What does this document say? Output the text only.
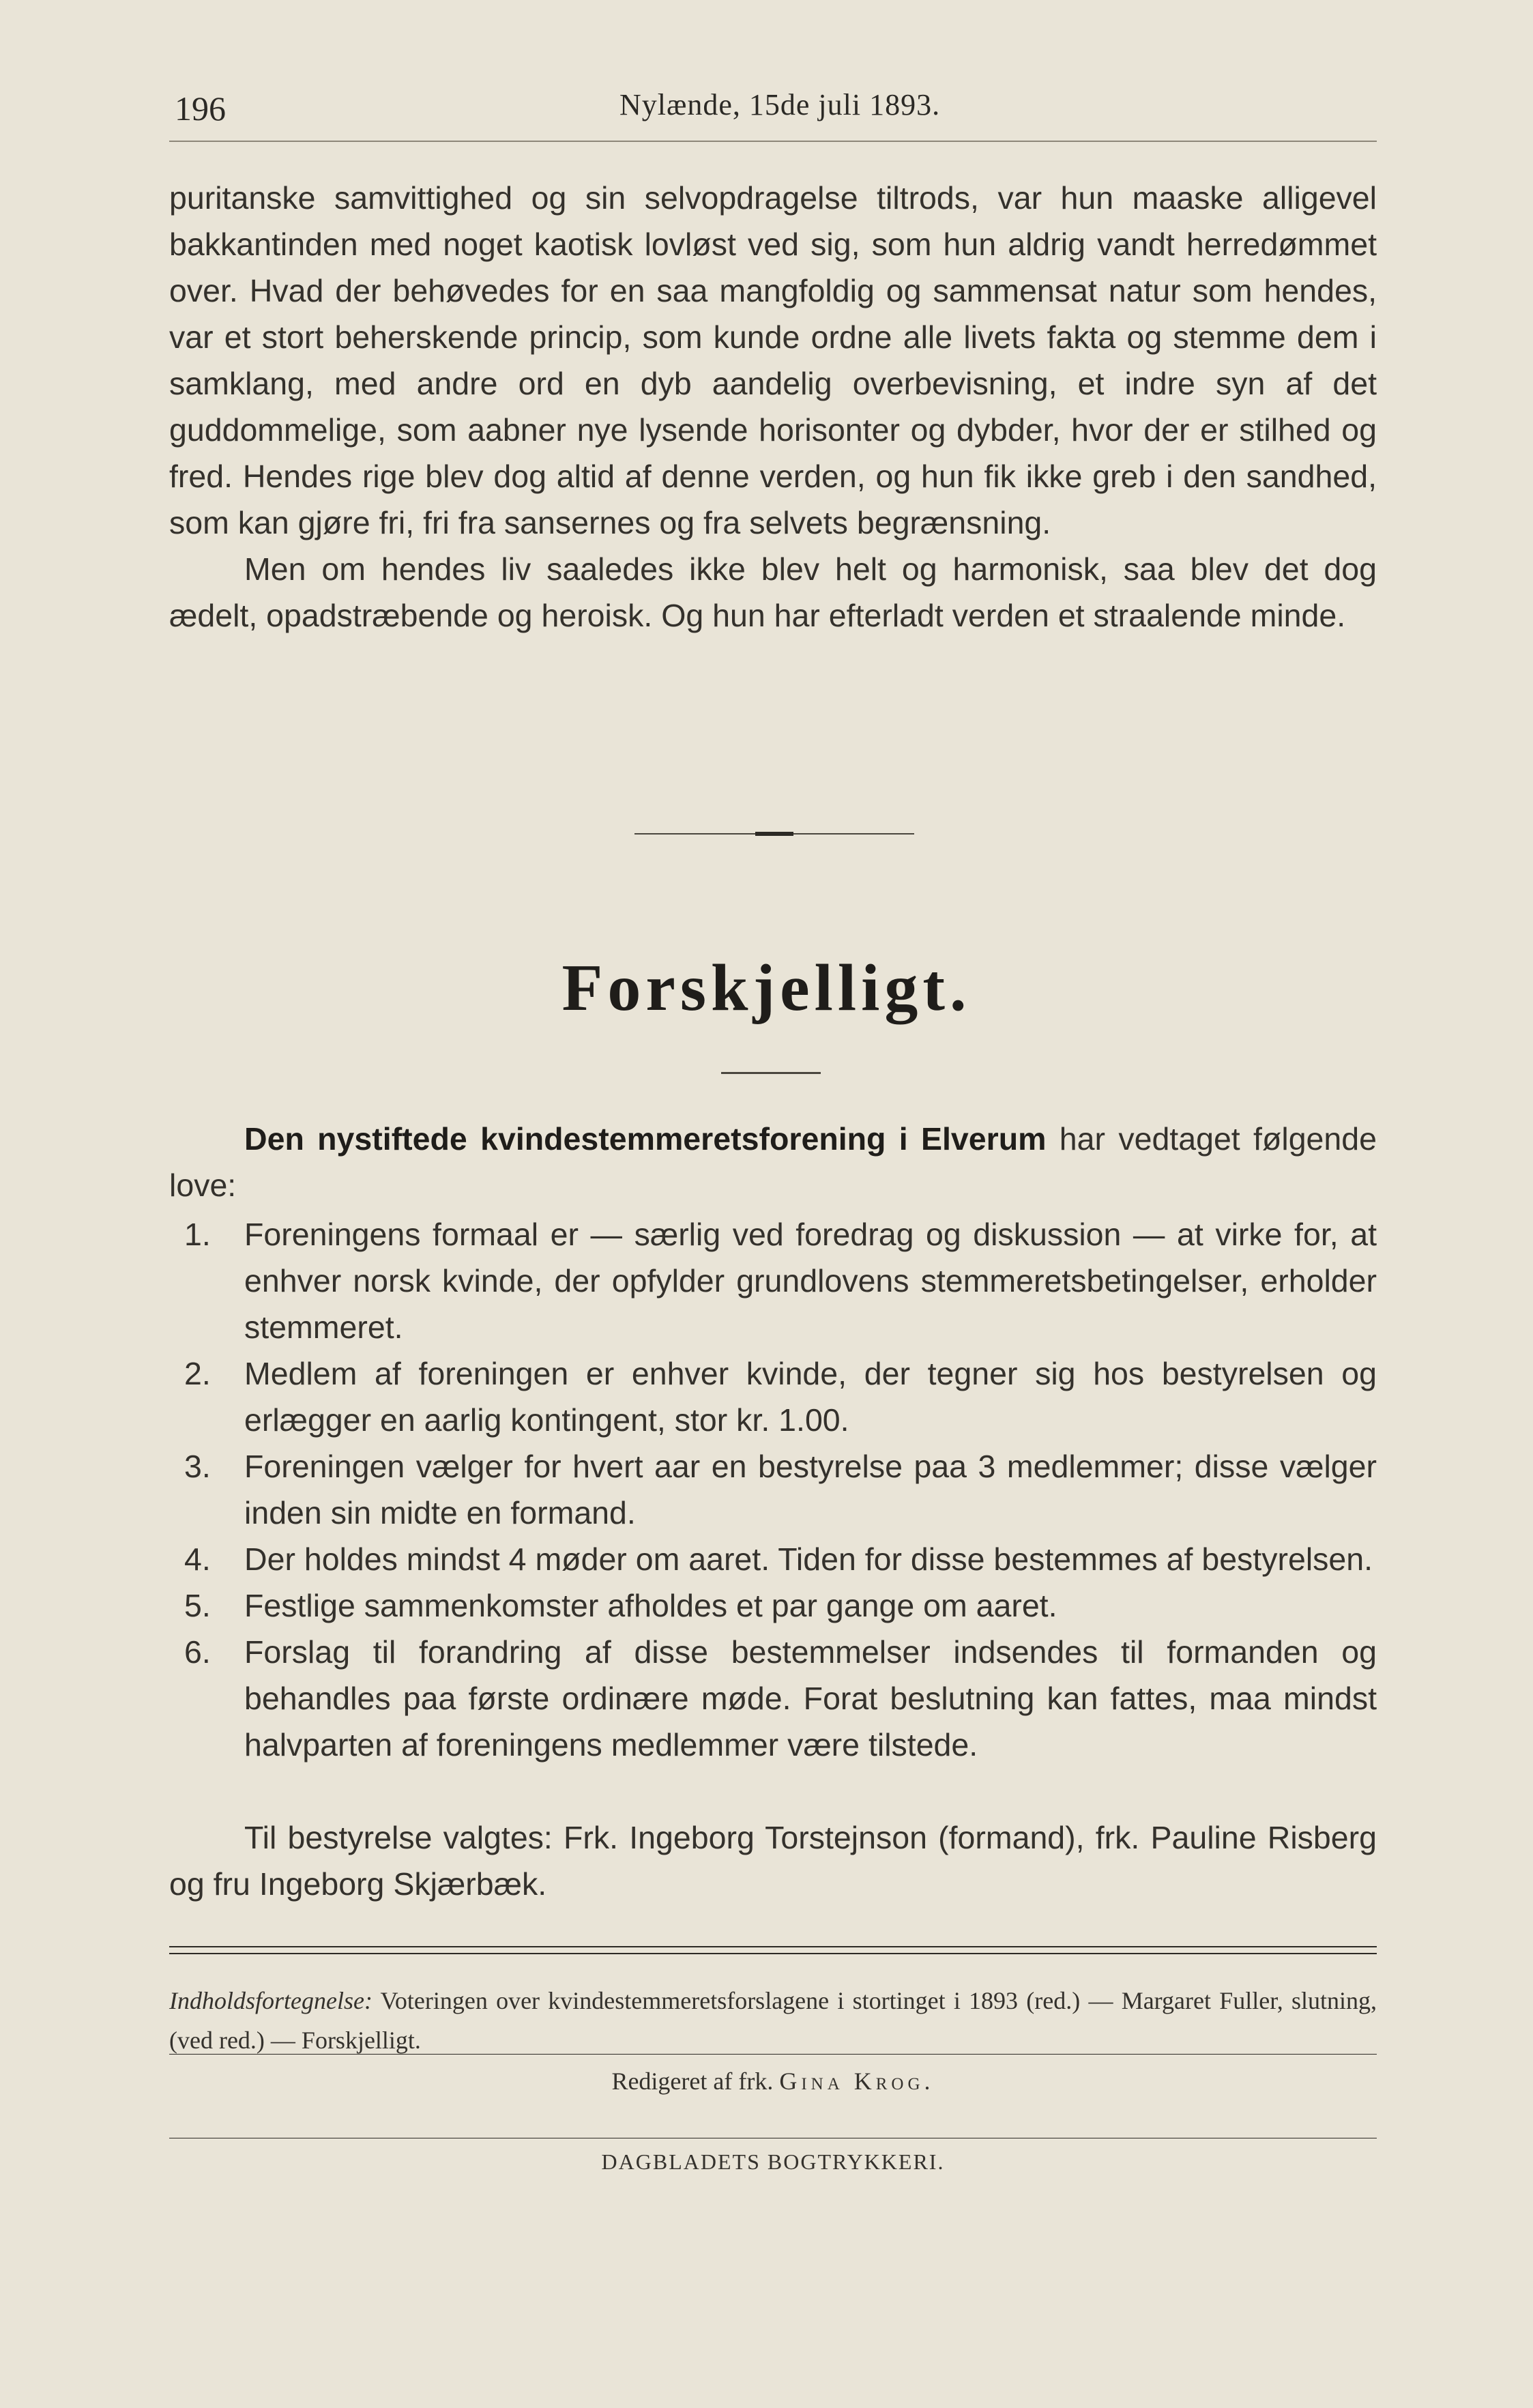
196	Nylænde, 15de juli 1893.

puritanske samvittighed og sin selvopdragelse tiltrods, var hun maaske alligevel bakkantinden med noget kaotisk lovløst ved sig, som hun aldrig vandt herredømmet over. Hvad der behøvedes for en saa mangfoldig og sammensat natur som hendes, var et stort beherskende princip, som kunde ordne alle livets fakta og stemme dem i samklang, med andre ord en dyb aandelig overbevisning, et indre syn af det guddommelige, som aabner nye lysende horisonter og dybder, hvor der er stilhed og fred. Hendes rige blev dog altid af denne verden, og hun fik ikke greb i den sandhed, som kan gjøre fri, fri fra sansernes og fra selvets begrænsning.

Men om hendes liv saaledes ikke blev helt og harmonisk, saa blev det dog ædelt, opadstræbende og heroisk. Og hun har efterladt verden et straalende minde.

Forskjelligt.

Den nystiftede kvindestemmeretsforening i Elverum har vedtaget følgende love:

1. Foreningens formaal er — særlig ved foredrag og diskussion — at virke for, at enhver norsk kvinde, der opfylder grundlovens stemmeretsbetingelser, erholder stemmeret.
2. Medlem af foreningen er enhver kvinde, der tegner sig hos bestyrelsen og erlægger en aarlig kontingent, stor kr. 1.00.
3. Foreningen vælger for hvert aar en bestyrelse paa 3 medlemmer; disse vælger inden sin midte en formand.
4. Der holdes mindst 4 møder om aaret. Tiden for disse bestemmes af bestyrelsen.
5. Festlige sammenkomster afholdes et par gange om aaret.
6. Forslag til forandring af disse bestemmelser indsendes til formanden og behandles paa første ordinære møde. Forat beslutning kan fattes, maa mindst halvparten af foreningens medlemmer være tilstede.

Til bestyrelse valgtes: Frk. Ingeborg Torstejnson (formand), frk. Pauline Risberg og fru Ingeborg Skjærbæk.

Indholdsfortegnelse: Voteringen over kvindestemmeretsforslagene i stortinget i 1893 (red.) — Margaret Fuller, slutning, (ved red.) — Forskjelligt.
Redigeret af frk. Gina Krog.
DAGBLADETS BOGTRYKKERI.
